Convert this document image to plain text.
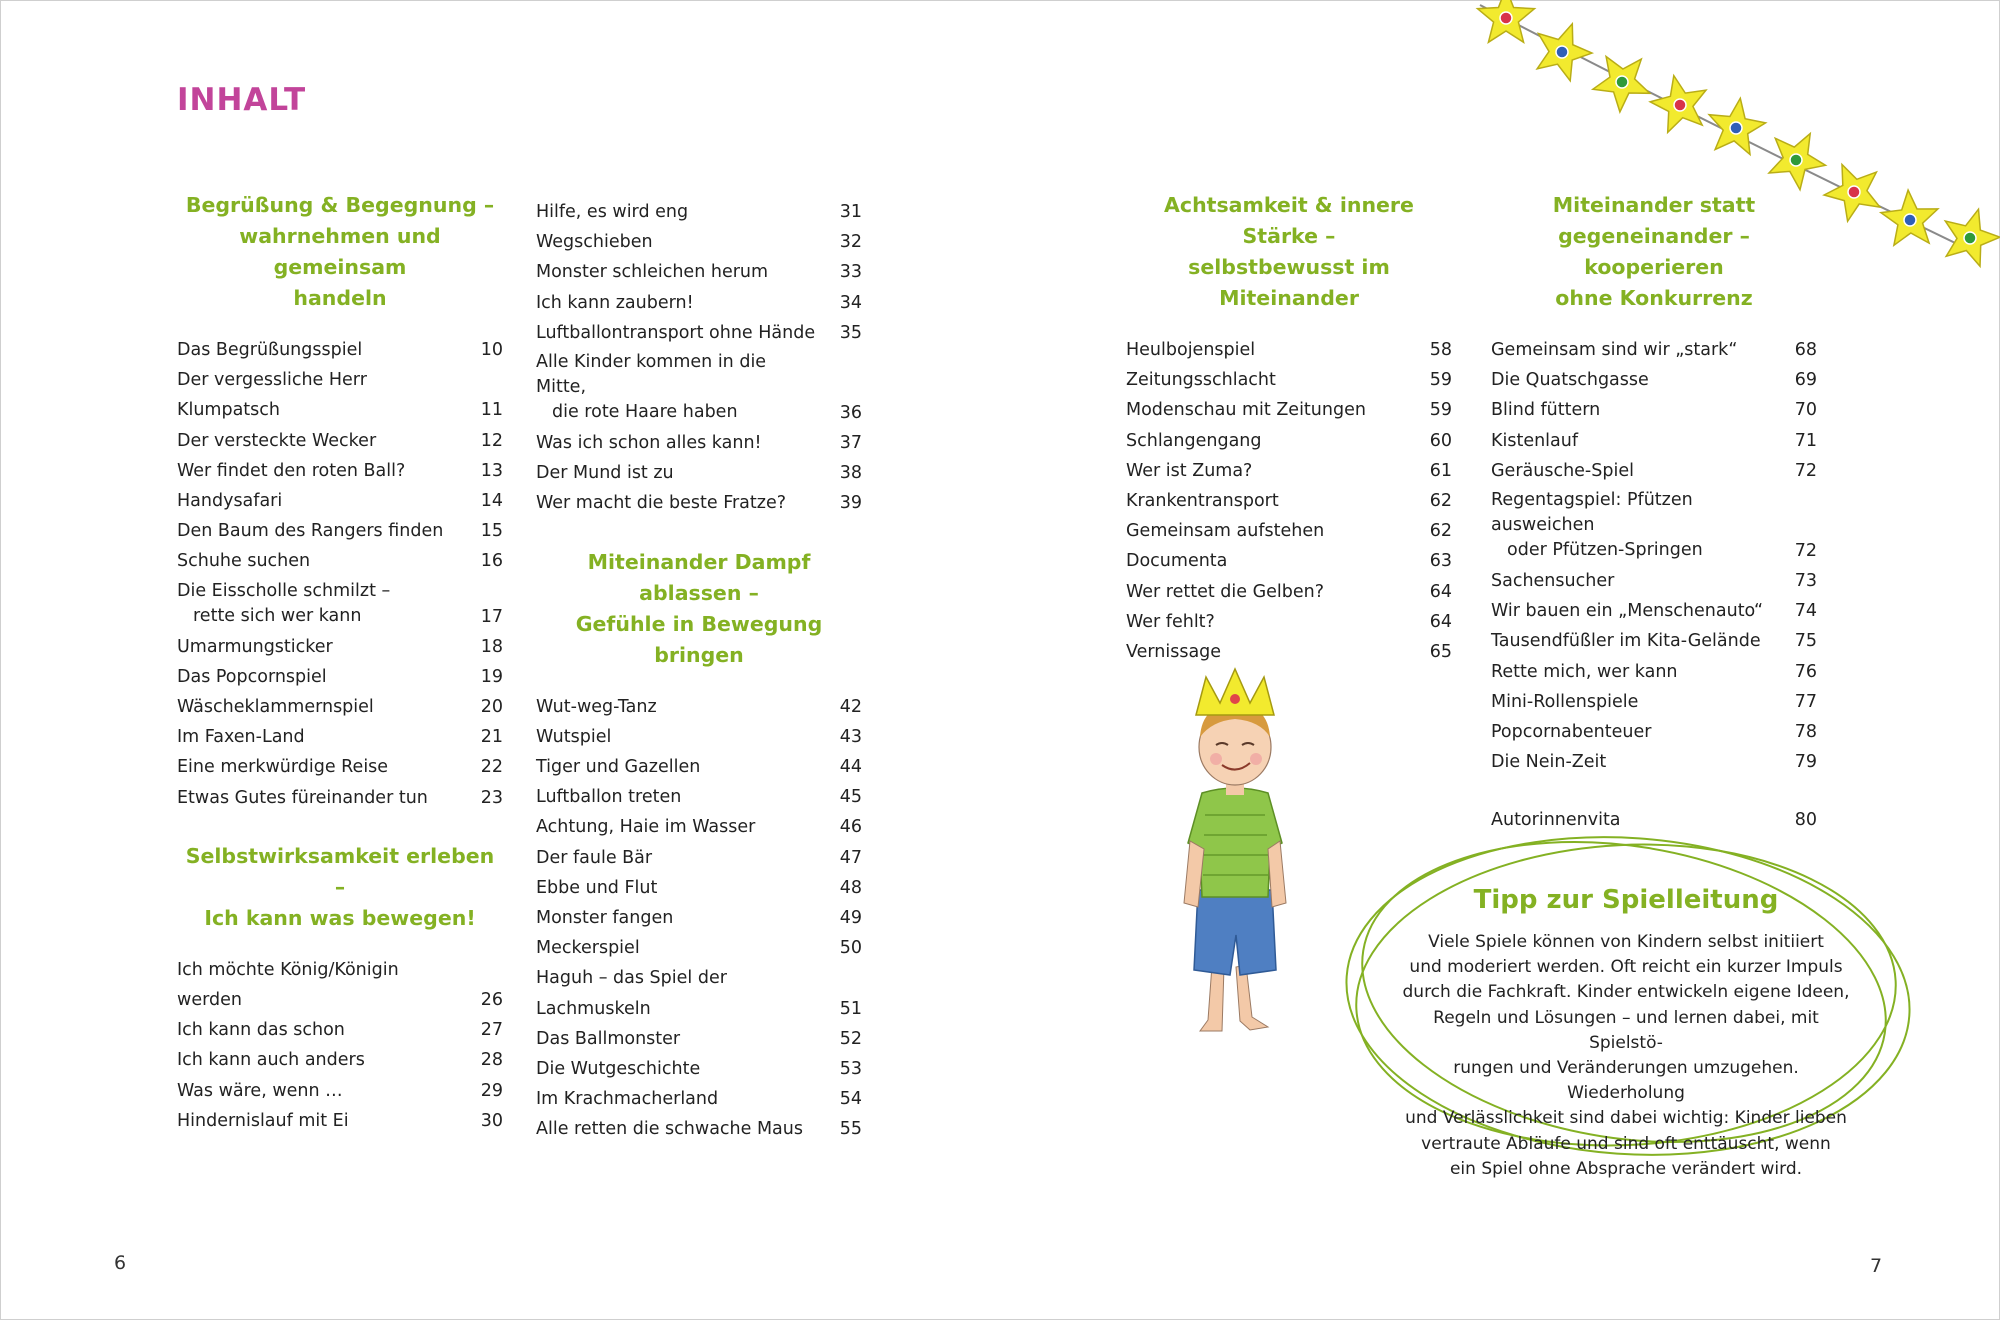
INHALT
Begrüßung & Begegnung –
wahrnehmen und gemeinsam
handeln
Das Begrüßungsspiel	10
Der vergessliche Herr Klumpatsch	11
Der versteckte Wecker	12
Wer findet den roten Ball?	13
Handysafari	14
Den Baum des Rangers finden	15
Schuhe suchen	16
Die Eisscholle schmilzt –
rette sich wer kann	17
Umarmungsticker	18
Das Popcornspiel	19
Wäscheklammernspiel	20
Im Faxen-Land	21
Eine merkwürdige Reise	22
Etwas Gutes füreinander tun	23
Selbstwirksamkeit erleben –
Ich kann was bewegen!
Ich möchte König/Königin werden	26
Ich kann das schon	27
Ich kann auch anders	28
Was wäre, wenn …	29
Hindernislauf mit Ei	30
Hilfe, es wird eng	31
Wegschieben	32
Monster schleichen herum	33
Ich kann zaubern!	34
Luftballontransport ohne Hände	35
Alle Kinder kommen in die Mitte,
die rote Haare haben	36
Was ich schon alles kann!	37
Der Mund ist zu	38
Wer macht die beste Fratze?	39
Miteinander Dampf ablassen –
Gefühle in Bewegung bringen
Wut-weg-Tanz	42
Wutspiel	43
Tiger und Gazellen	44
Luftballon treten	45
Achtung, Haie im Wasser	46
Der faule Bär	47
Ebbe und Flut	48
Monster fangen	49
Meckerspiel	50
Haguh – das Spiel der Lachmuskeln	51
Das Ballmonster	52
Die Wutgeschichte	53
Im Krachmacherland	54
Alle retten die schwache Maus	55
Achtsamkeit & innere Stärke –
selbstbewusst im Miteinander
Heulbojenspiel	58
Zeitungsschlacht	59
Modenschau mit Zeitungen	59
Schlangengang	60
Wer ist Zuma?	61
Krankentransport	62
Gemeinsam aufstehen	62
Documenta	63
Wer rettet die Gelben?	64
Wer fehlt?	64
Vernissage	65
Miteinander statt
gegeneinander – kooperieren
ohne Konkurrenz
Gemeinsam sind wir „stark“	68
Die Quatschgasse	69
Blind füttern	70
Kistenlauf	71
Geräusche-Spiel	72
Regentagspiel: Pfützen ausweichen
oder Pfützen-Springen	72
Sachensucher	73
Wir bauen ein „Menschenauto“	74
Tausendfüßler im Kita-Gelände	75
Rette mich, wer kann	76
Mini-Rollenspiele	77
Popcornabenteuer	78
Die Nein-Zeit	79
Autorinnenvita	80
Tipp zur Spielleitung

Viele Spiele können von Kindern selbst initiiert
und moderiert werden. Oft reicht ein kurzer Impuls
durch die Fachkraft. Kinder entwickeln eigene Ideen,
Regeln und Lösungen – und lernen dabei, mit Spielstö-
rungen und Veränderungen umzugehen. Wiederholung
und Verlässlichkeit sind dabei wichtig: Kinder lieben
vertraute Abläufe und sind oft enttäuscht, wenn
ein Spiel ohne Absprache verändert wird.

6	7
